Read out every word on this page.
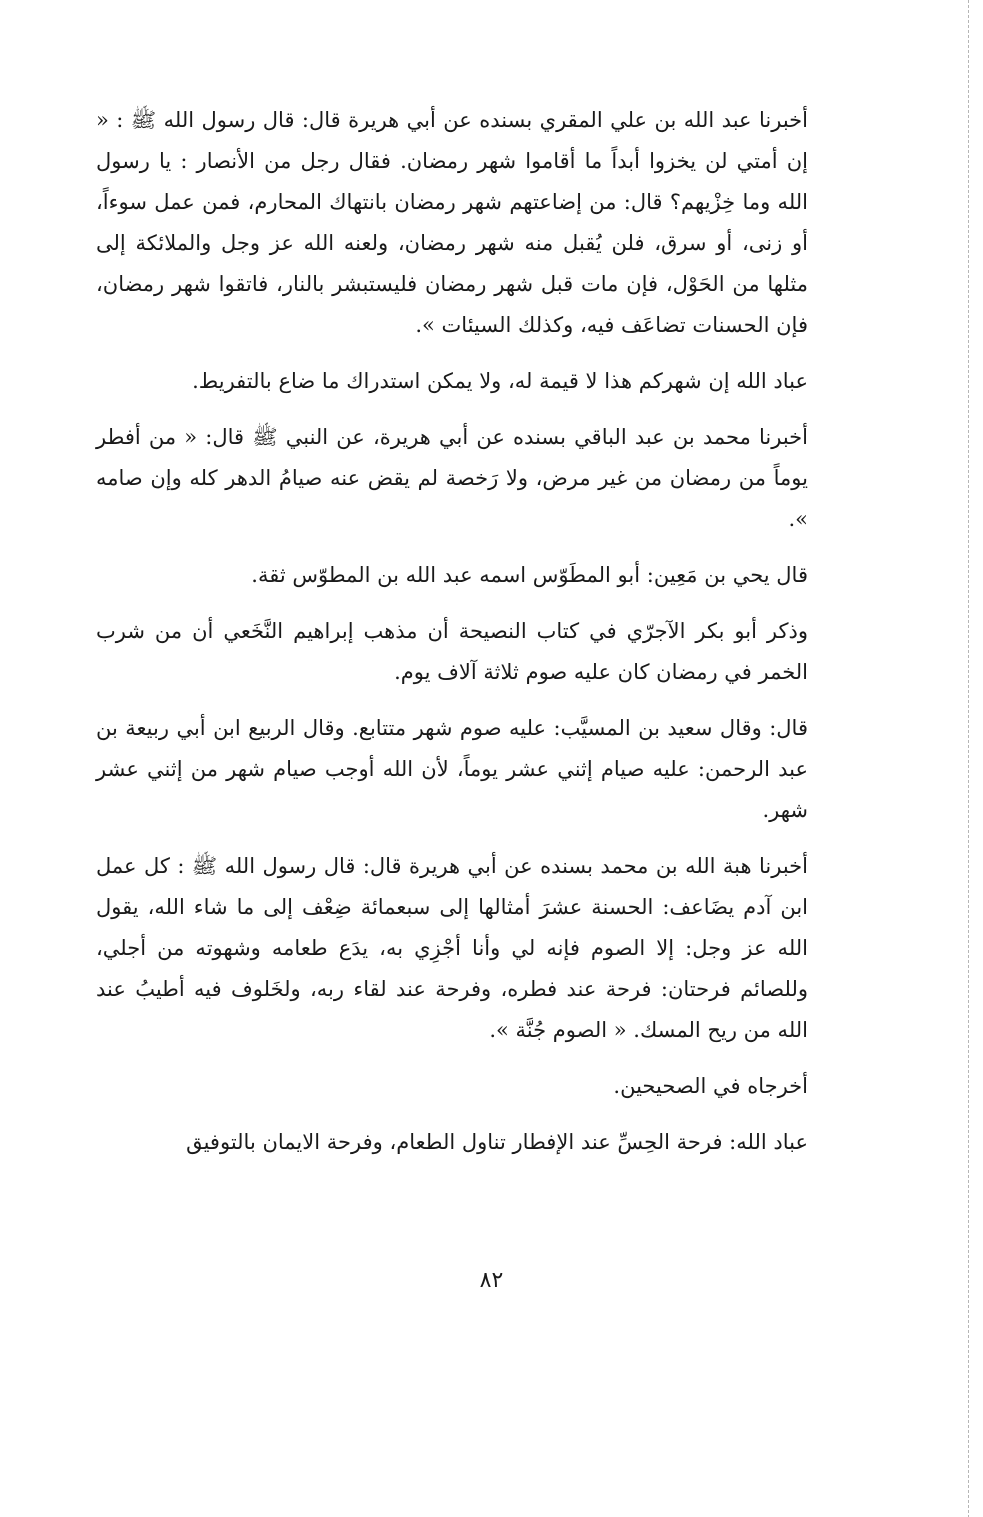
أخبرنا عبد الله بن علي المقري بسنده عن أبي هريرة قال: قال رسول الله ﷺ : « إن أمتي لن يخزوا أبداً ما أقاموا شهر رمضان. فقال رجل من الأنصار : يا رسول الله وما خِزْيهم؟ قال: من إضاعتهم شهر رمضان بانتهاك المحارم، فمن عمل سوءاً، أو زنى، أو سرق، فلن يُقبل منه شهر رمضان، ولعنه الله عز وجل والملائكة إلى مثلها من الحَوْل، فإن مات قبل شهر رمضان فليستبشر بالنار، فاتقوا شهر رمضان، فإن الحسنات تضاعَف فيه، وكذلك السيئات ».

عباد الله إن شهركم هذا لا قيمة له، ولا يمكن استدراك ما ضاع بالتفريط.

أخبرنا محمد بن عبد الباقي بسنده عن أبي هريرة، عن النبي ﷺ قال: « من أفطر يوماً من رمضان من غير مرض، ولا رَخصة لم يقض عنه صيامُ الدهر كله وإن صامه ».

قال يحي بن مَعِين: أبو المطَوّس اسمه عبد الله بن المطوّس ثقة.

وذكر أبو بكر الآجرّي في كتاب النصيحة أن مذهب إبراهيم النَّخَعي أن من شرب الخمر في رمضان كان عليه صوم ثلاثة آلاف يوم.

قال: وقال سعيد بن المسيَّب: عليه صوم شهر متتابع. وقال الربيع ابن أبي ربيعة بن عبد الرحمن: عليه صيام إثني عشر يوماً، لأن الله أوجب صيام شهر من إثني عشر شهر.

أخبرنا هبة الله بن محمد بسنده عن أبي هريرة قال: قال رسول الله ﷺ : كل عمل ابن آدم يضَاعف: الحسنة عشرَ أمثالها إلى سبعمائة ضِعْف إلى ما شاء الله، يقول الله عز وجل: إلا الصوم فإنه لي وأنا أجْزِي به، يدَع طعامه وشهوته من أجلي، وللصائم فرحتان: فرحة عند فطره، وفرحة عند لقاء ربه، ولخَلوف فيه أطيبُ عند الله من ريح المسك. « الصوم جُنَّة ».

أخرجاه في الصحيحين.

عباد الله: فرحة الحِسِّ عند الإفطار تناول الطعام، وفرحة الايمان بالتوفيق

٨٢
